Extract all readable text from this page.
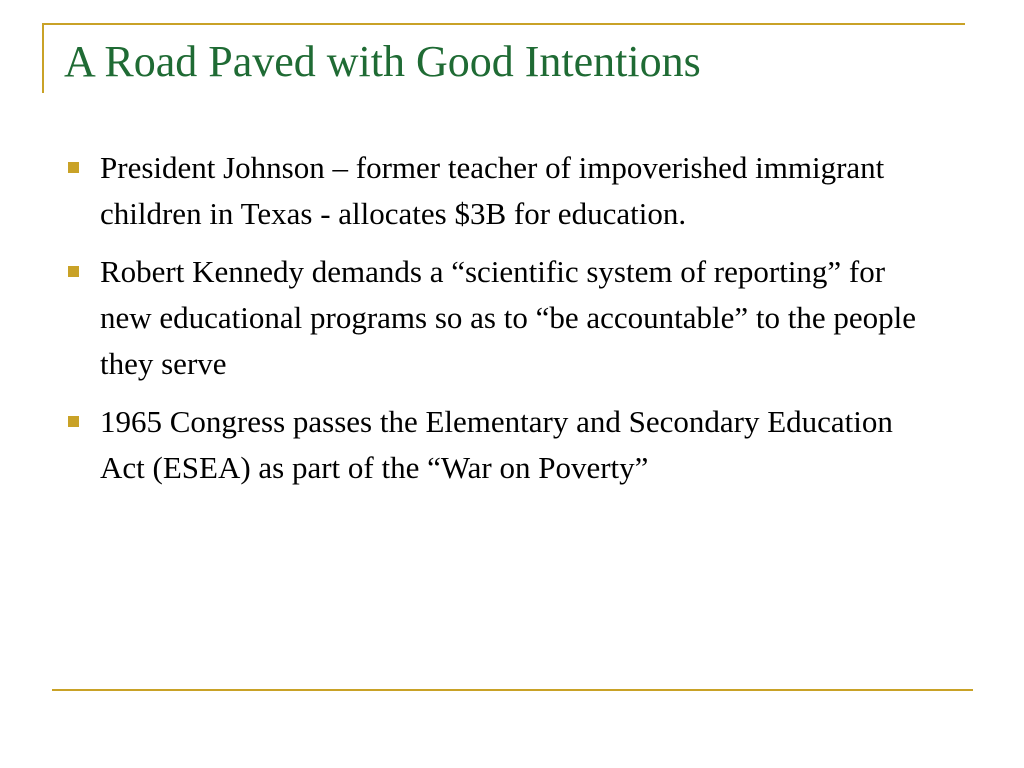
A Road Paved with Good Intentions
President Johnson – former teacher of impoverished immigrant children in Texas - allocates $3B for education.
Robert Kennedy demands a “scientific system of reporting” for new educational programs so as to “be accountable” to the people they serve
1965 Congress passes the Elementary and Secondary Education Act (ESEA) as part of the “War on Poverty”
